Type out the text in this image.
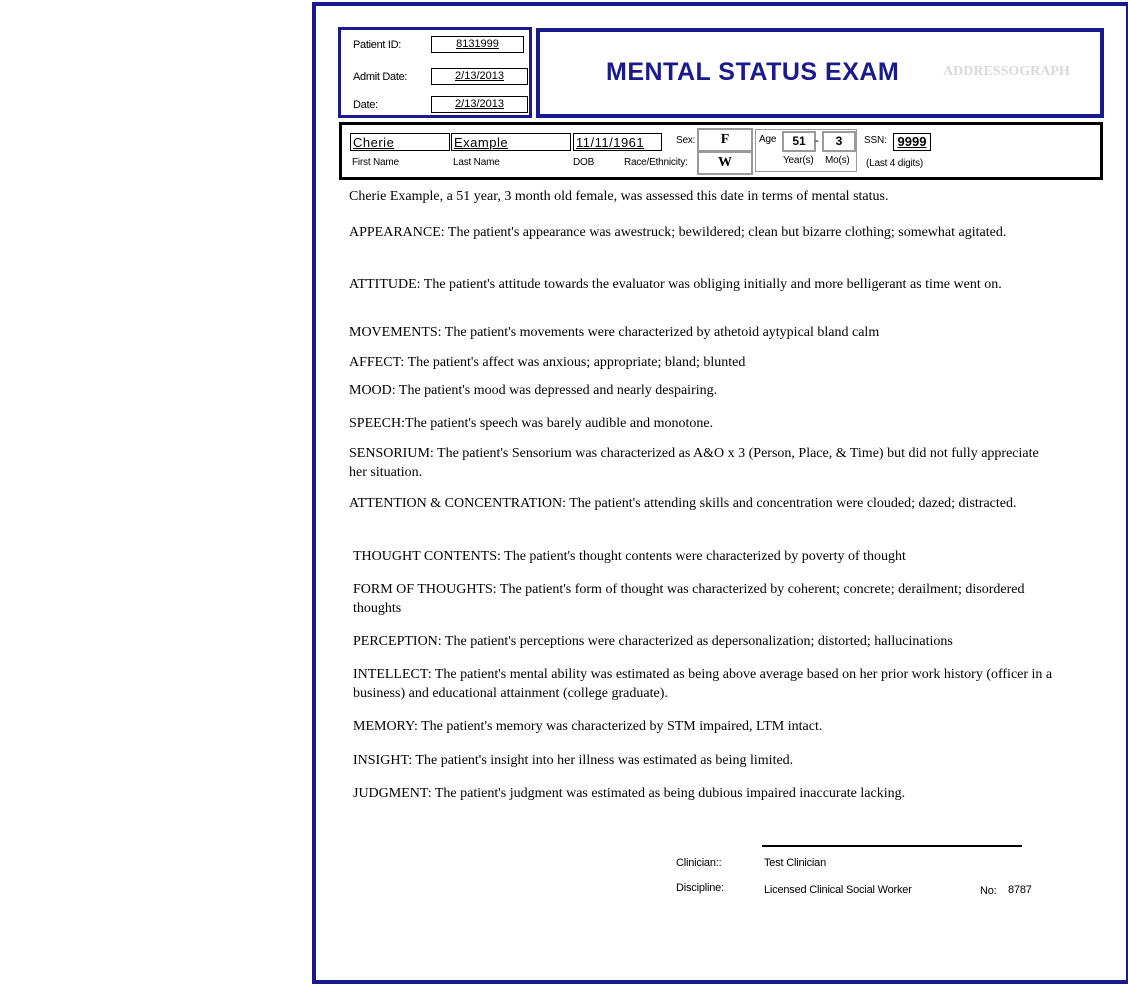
Patient ID:	8131999
Admit Date:	2/13/2013
Date:	2/13/2013
MENTAL STATUS EXAM	ADDRESSOGRAPH
Cherie
First Name
Example
Last Name
11/11/1961
DOB
Sex:	F
Race/Ethnicity:	W
Age	51 -	3
Year(s) Mo(s)
SSN: 9999
(Last 4 digits)
Cherie Example, a 51 year, 3 month old female, was assessed this date in terms of mental status.
APPEARANCE: The patient's appearance was awestruck; bewildered; clean but bizarre clothing; somewhat agitated.
ATTITUDE: The patient's attitude towards the evaluator was obliging initially and more belligerant as time went on.
MOVEMENTS: The patient's movements were characterized by athetoid aytypical bland calm
AFFECT: The patient's affect was anxious; appropriate; bland; blunted
MOOD: The patient's mood was depressed and nearly despairing.
SPEECH:The patient's speech was barely audible and monotone.
SENSORIUM: The patient's Sensorium was characterized as A&O x 3 (Person, Place, & Time) but did not fully appreciate her situation.
ATTENTION & CONCENTRATION: The patient's attending skills and concentration were clouded; dazed; distracted.
THOUGHT CONTENTS: The patient's thought contents were characterized by poverty of thought
FORM OF THOUGHTS: The patient's form of thought was characterized by coherent; concrete; derailment; disordered thoughts
PERCEPTION: The patient's perceptions were characterized as depersonalization; distorted; hallucinations
INTELLECT: The patient's mental ability was estimated as being above average based on her prior work history (officer in a business) and educational attainment (college graduate).
MEMORY: The patient's memory was characterized by STM impaired, LTM intact.
INSIGHT: The patient's insight into her illness was estimated as being limited.
JUDGMENT: The patient's judgment was estimated as being dubious impaired inaccurate lacking.
Clinician::	Test Clinician
Discipline:	Licensed Clinical Social Worker	No: 8787
